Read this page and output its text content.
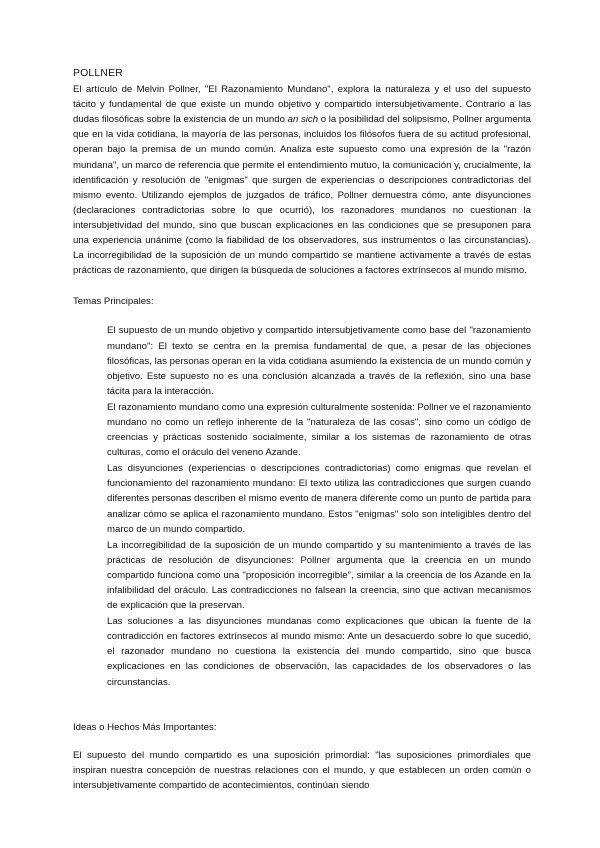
POLLNER

El artículo de Melvin Pollner, "El Razonamiento Mundano", explora la naturaleza y el uso del supuesto tácito y fundamental de que existe un mundo objetivo y compartido intersubjetivamente. Contrario a las dudas filosóficas sobre la existencia de un mundo an sich o la posibilidad del solipsismo, Pollner argumenta que en la vida cotidiana, la mayoría de las personas, incluidos los filósofos fuera de su actitud profesional, operan bajo la premisa de un mundo común. Analiza este supuesto como una expresión de la "razón mundana", un marco de referencia que permite el entendimiento mutuo, la comunicación y, crucialmente, la identificación y resolución de "enigmas" que surgen de experiencias o descripciones contradictorias del mismo evento. Utilizando ejemplos de juzgados de tráfico, Pollner demuestra cómo, ante disyunciones (declaraciones contradictorias sobre lo que ocurrió), los razonadores mundanos no cuestionan la intersubjetividad del mundo, sino que buscan explicaciones en las condiciones que se presuponen para una experiencia unánime (como la fiabilidad de los observadores, sus instrumentos o las circunstancias). La incorregibilidad de la suposición de un mundo compartido se mantiene activamente a través de estas prácticas de razonamiento, que dirigen la búsqueda de soluciones a factores extrínsecos al mundo mismo.

Temas Principales:

El supuesto de un mundo objetivo y compartido intersubjetivamente como base del "razonamiento mundano": El texto se centra en la premisa fundamental de que, a pesar de las objeciones filosóficas, las personas operan en la vida cotidiana asumiendo la existencia de un mundo común y objetivo. Este supuesto no es una conclusión alcanzada a través de la reflexión, sino una base tácita para la interacción.

El razonamiento mundano como una expresión culturalmente sostenida: Pollner ve el razonamiento mundano no como un reflejo inherente de la "naturaleza de las cosas", sino como un código de creencias y prácticas sostenido socialmente, similar a los sistemas de razonamiento de otras culturas, como el oráculo del veneno Azande.

Las disyunciones (experiencias o descripciones contradictorias) como enigmas que revelan el funcionamiento del razonamiento mundano: El texto utiliza las contradicciones que surgen cuando diferentes personas describen el mismo evento de manera diferente como un punto de partida para analizar cómo se aplica el razonamiento mundano. Estos "enigmas" solo son inteligibles dentro del marco de un mundo compartido.

La incorregibilidad de la suposición de un mundo compartido y su mantenimiento a través de las prácticas de resolución de disyunciones: Pollner argumenta que la creencia en un mundo compartido funciona como una "proposición incorregible", similar a la creencia de los Azande en la infalibilidad del oráculo. Las contradicciones no falsean la creencia, sino que activan mecanismos de explicación que la preservan.

Las soluciones a las disyunciones mundanas como explicaciones que ubican la fuente de la contradicción en factores extrínsecos al mundo mismo: Ante un desacuerdo sobre lo que sucedió, el razonador mundano no cuestiona la existencia del mundo compartido, sino que busca explicaciones en las condiciones de observación, las capacidades de los observadores o las circunstancias.

Ideas o Hechos Más Importantes:

El supuesto del mundo compartido es una suposición primordial: "las suposiciones primordiales que inspiran nuestra concepción de nuestras relaciones con el mundo, y que establecen un orden común o intersubjetivamente compartido de acontecimientos, continúan siendo
